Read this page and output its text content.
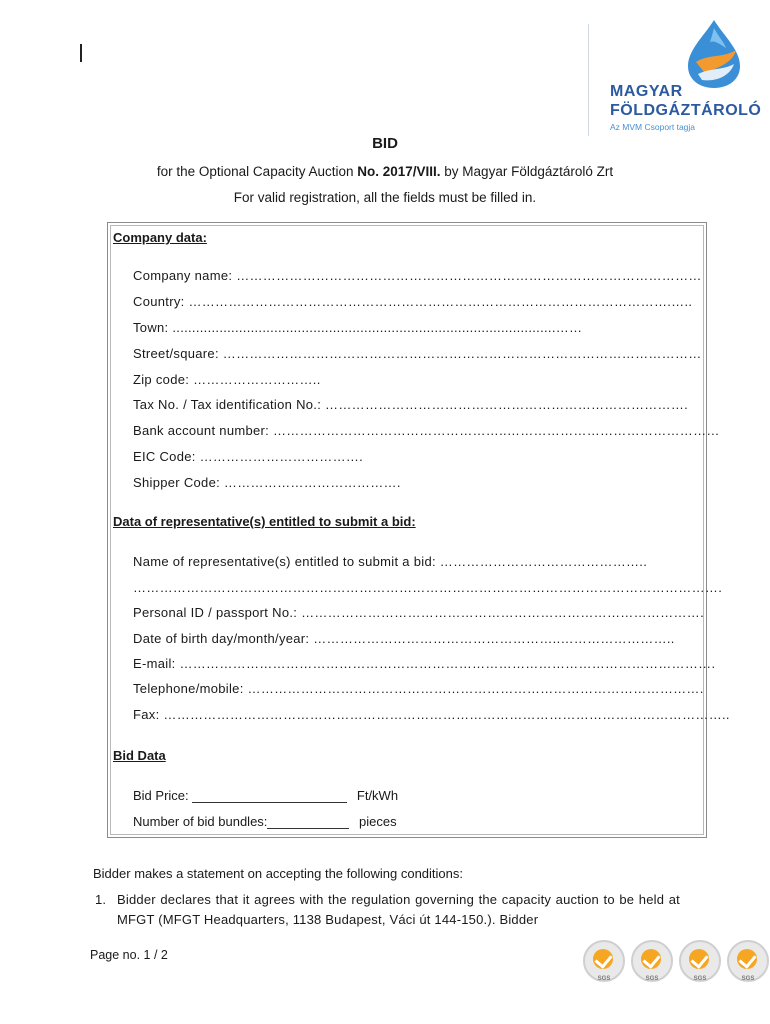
MAGYAR
FÖLDGÁZTÁROLÓ
Az MVM Csoport tagja
BID
for the Optional Capacity Auction No. 2017/VIII. by Magyar Földgáztároló Zrt
For valid registration, all the fields must be filled in.
Company data:
Company name: ……………………………………………………………………………………………
Country: ……………………………………………………………………………………………….…..
Town: ..................................................................................................……
Street/square: ………………………………………………………………………………………………
Zip code: ………………………..
Tax No. / Tax identification No.: ……………………………………………………………………….
Bank account number: ……………………………………………..…………………………………………
EIC Code: ……………………………….
Shipper Code: ………………………………….
Data of representative(s) entitled to submit a bid:
Name of representative(s) entitled to submit a bid: ………………………………………..
…………………………………………………………………………………………………………………….
Personal ID / passport No.: ……………………………………………………………………………….
Date of birth day/month/year: ………………………………………………..……………………..
E-mail: ………………………………………………………………………………………………………….
Telephone/mobile: ………………………………………………………………………………………….
Fax: ………………………………………………………………………………………………………………..
Bid Data
Bid Price:	Ft/kWh
Number of bid bundles:	pieces
Bidder makes a statement on accepting the following conditions:
1. Bidder declares that it agrees with the regulation governing the capacity auction to be held at MFGT (MFGT Headquarters, 1138 Budapest, Váci út 144-150.). Bidder
Page no. 1 / 2
SGS	SGS	SGS	SGS
